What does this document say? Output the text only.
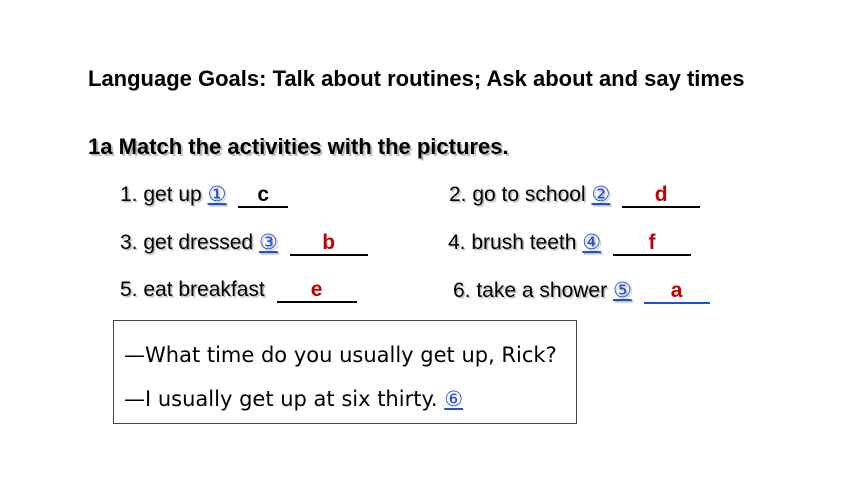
Language Goals: Talk about routines; Ask about and say times
1a Match the activities with the pictures.
1. get up ① c	2. go to school ② d
3. get dressed ③ b	4. brush teeth ④ f
5. eat breakfast e	6. take a shower ⑤ a
—What time do you usually get up, Rick?
—I usually get up at six thirty. ⑥
